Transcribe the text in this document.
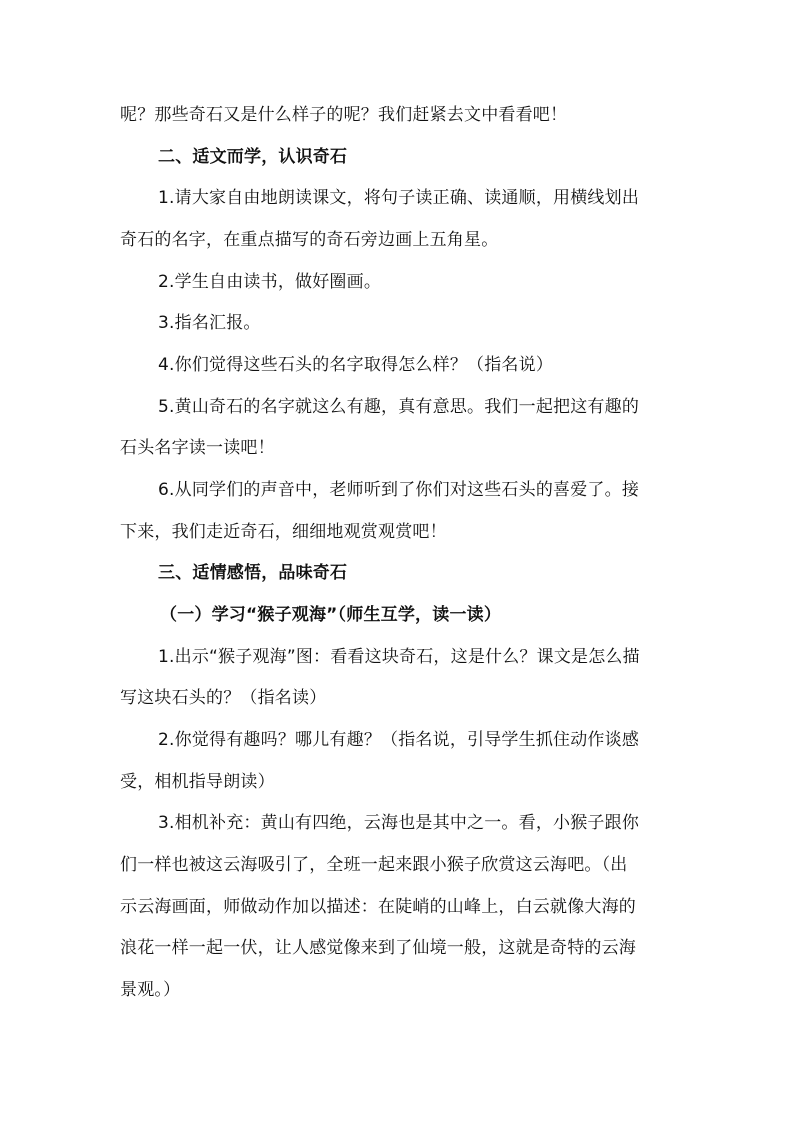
呢？那些奇石又是什么样子的呢？我们赶紧去文中看看吧！

二、适文而学，认识奇石

1.请大家自由地朗读课文，将句子读正确、读通顺，用横线划出

奇石的名字，在重点描写的奇石旁边画上五角星。

2.学生自由读书，做好圈画。

3.指名汇报。

4.你们觉得这些石头的名字取得怎么样？（指名说）

5.黄山奇石的名字就这么有趣，真有意思。我们一起把这有趣的

石头名字读一读吧！

6.从同学们的声音中，老师听到了你们对这些石头的喜爱了。接

下来，我们走近奇石，细细地观赏观赏吧！

三、适情感悟，品味奇石

（一）学习“猴子观海”（师生互学，读一读）

1.出示“猴子观海”图：看看这块奇石，这是什么？课文是怎么描

写这块石头的？（指名读）

2.你觉得有趣吗？哪儿有趣？（指名说，引导学生抓住动作谈感

受，相机指导朗读）

3.相机补充：黄山有四绝，云海也是其中之一。看，小猴子跟你

们一样也被这云海吸引了，全班一起来跟小猴子欣赏这云海吧。（出

示云海画面，师做动作加以描述：在陡峭的山峰上，白云就像大海的

浪花一样一起一伏，让人感觉像来到了仙境一般，这就是奇特的云海

景观。）
